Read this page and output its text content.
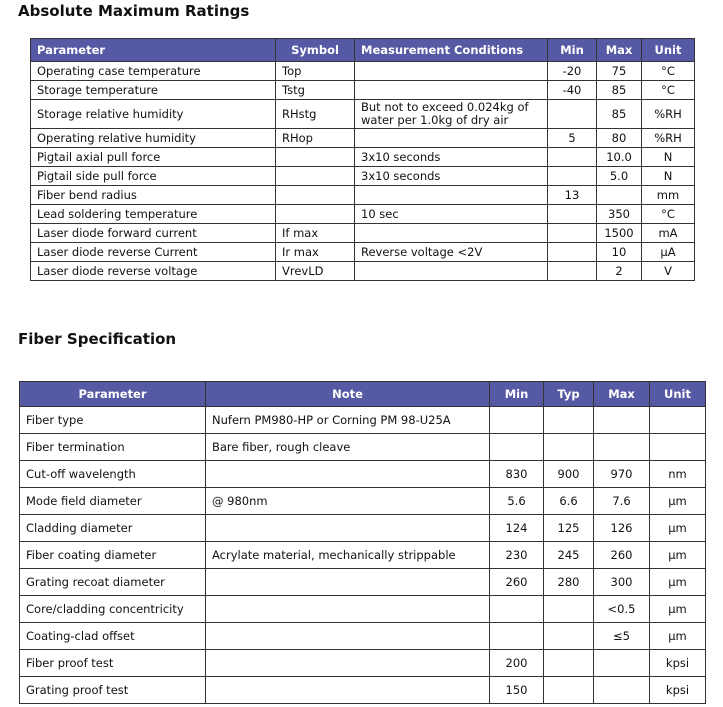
Absolute Maximum Ratings
Parameter	Symbol	Measurement Conditions	Min	Max	Unit
Operating case temperature	Top		-20	75	°C
Storage temperature	Tstg		-40	85	°C
Storage relative humidity	RHstg	But not to exceed 0.024kg of water per 1.0kg of dry air		85	%RH
Operating relative humidity	RHop		5	80	%RH
Pigtail axial pull force		3x10 seconds		10.0	N
Pigtail side pull force		3x10 seconds		5.0	N
Fiber bend radius			13		mm
Lead soldering temperature		10 sec		350	°C
Laser diode forward current	If max			1500	mA
Laser diode reverse Current	Ir max	Reverse voltage <2V		10	µA
Laser diode reverse voltage	VrevLD			2	V
Fiber Specification
Parameter	Note	Min	Typ	Max	Unit
Fiber type	Nufern PM980-HP or Corning PM 98-U25A				
Fiber termination	Bare fiber, rough cleave				
Cut-off wavelength		830	900	970	nm
Mode field diameter	@ 980nm	5.6	6.6	7.6	µm
Cladding diameter		124	125	126	µm
Fiber coating diameter	Acrylate material, mechanically strippable	230	245	260	µm
Grating recoat diameter		260	280	300	µm
Core/cladding concentricity				<0.5	µm
Coating-clad offset				≤5	µm
Fiber proof test		200			kpsi
Grating proof test		150			kpsi
